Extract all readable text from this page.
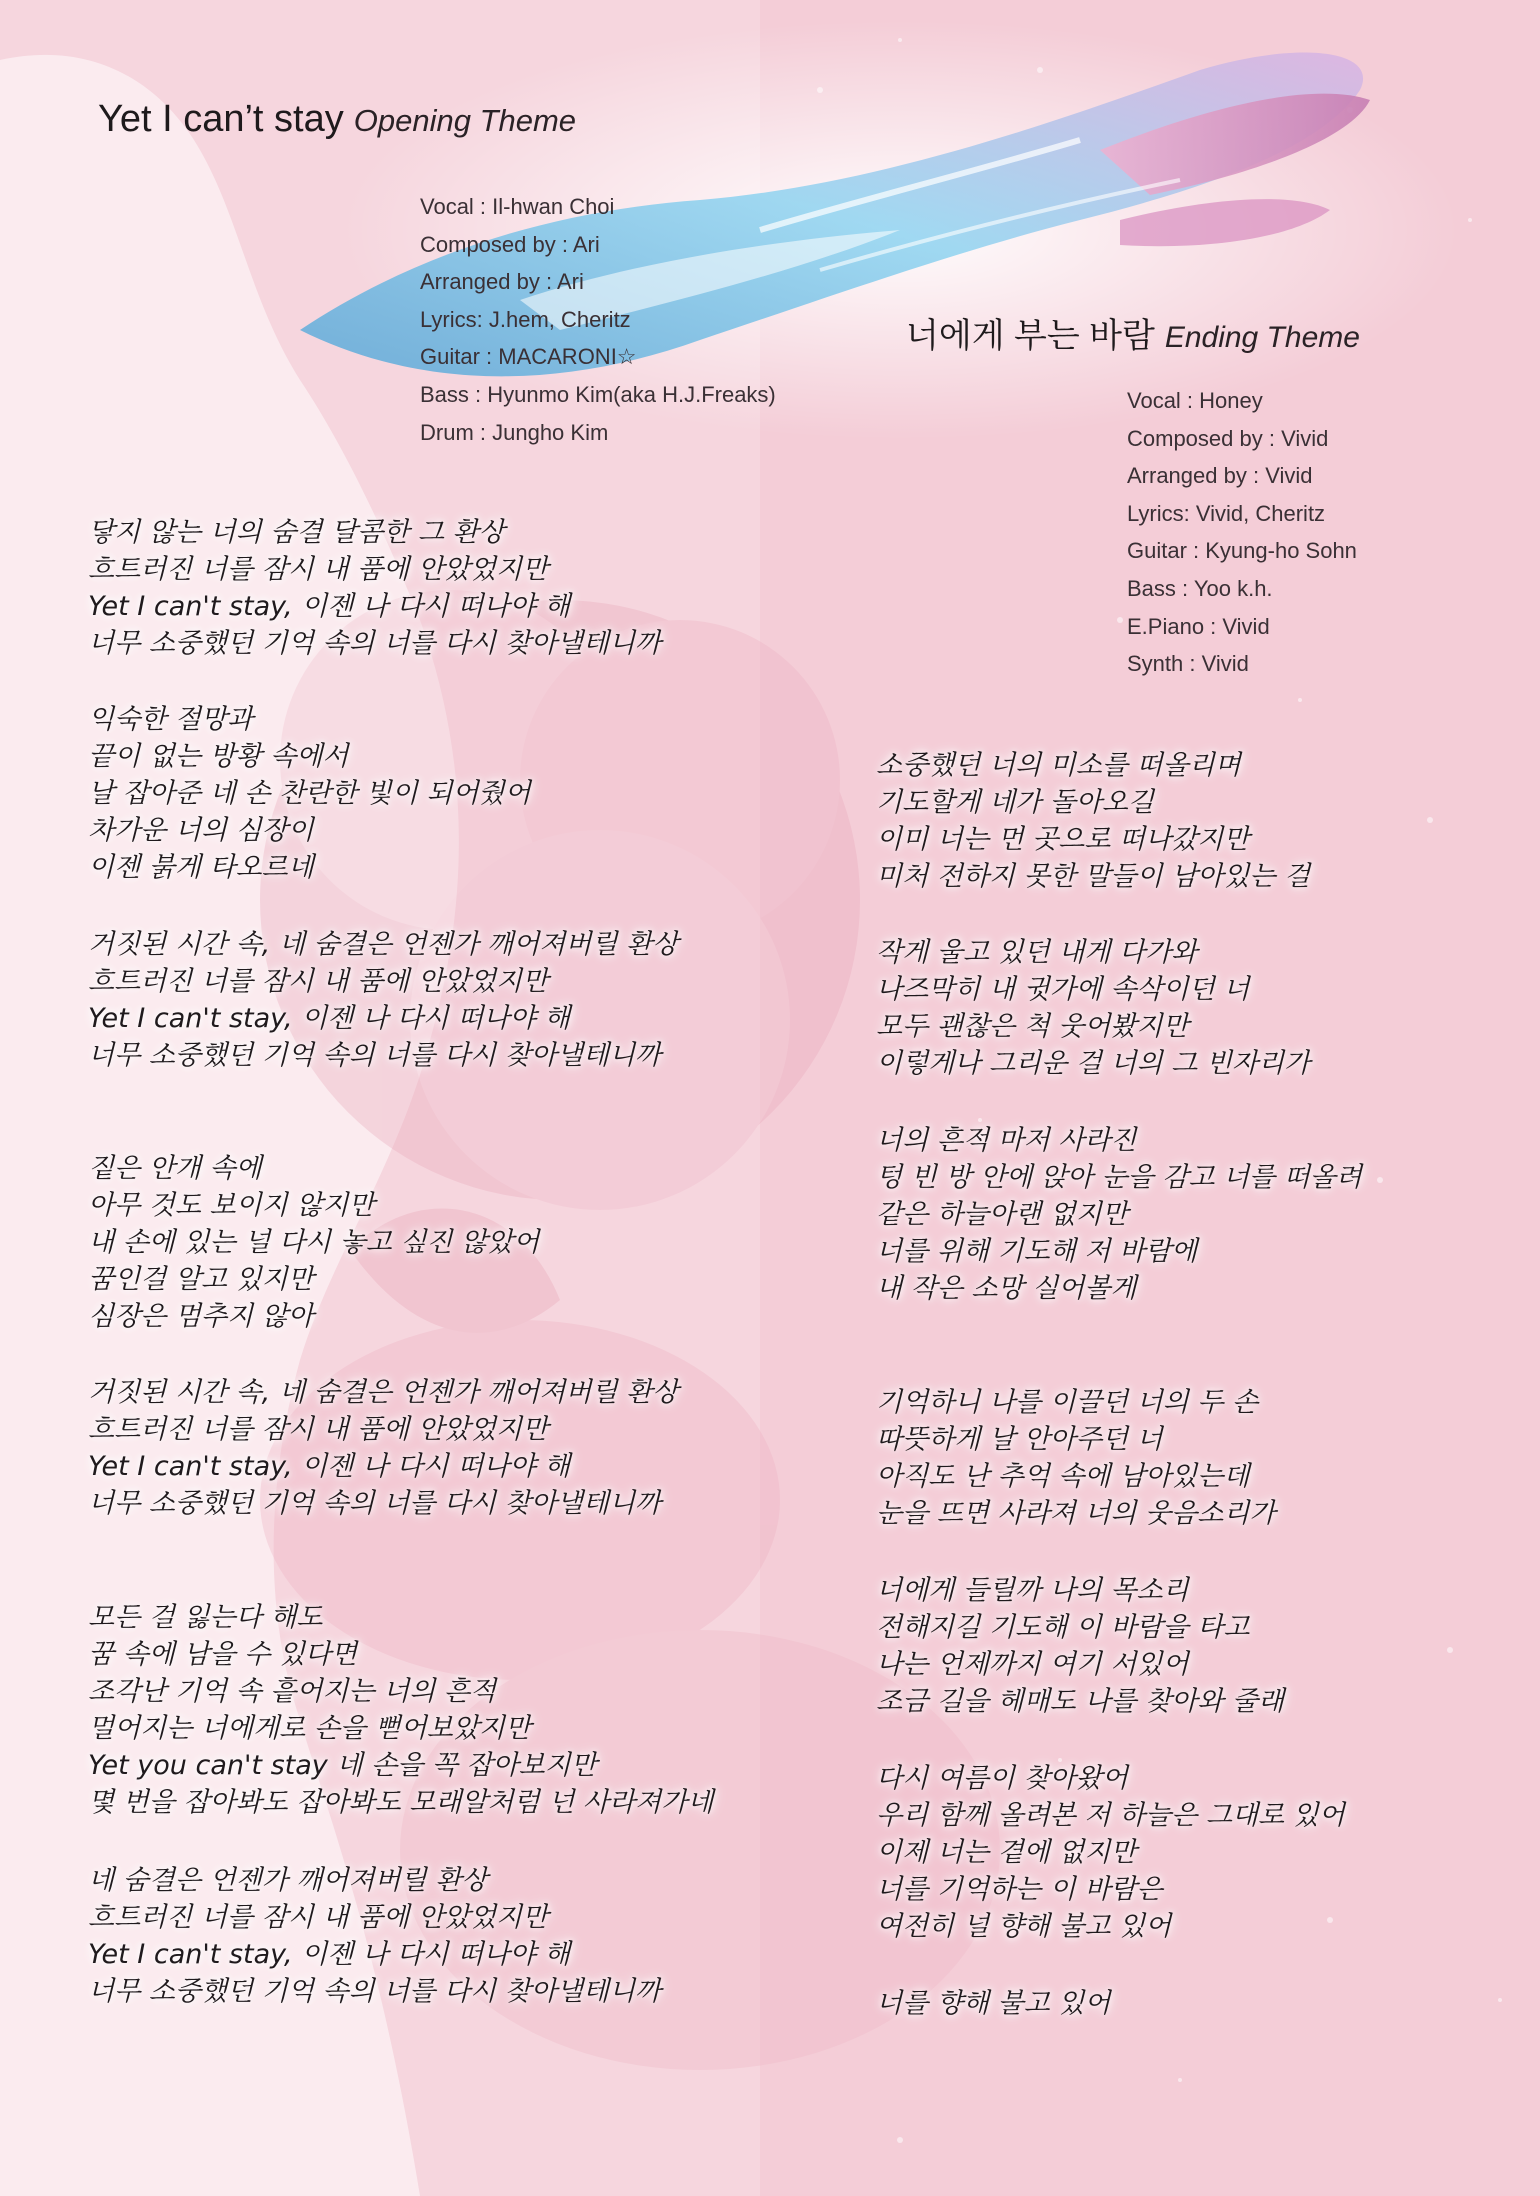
Yet I can’t stay Opening Theme
Vocal : Il-hwan Choi
Composed by : Ari
Arranged by : Ari
Lyrics: J.hem, Cheritz
Guitar : MACARONI☆
Bass : Hyunmo Kim(aka H.J.Freaks)
Drum : Jungho Kim
너에게 부는 바람 Ending Theme
Vocal : Honey
Composed by : Vivid
Arranged by : Vivid
Lyrics: Vivid, Cheritz
Guitar : Kyung-ho Sohn
Bass : Yoo k.h.
E.Piano : Vivid
Synth : Vivid
닿지 않는 너의 숨결 달콤한 그 환상
흐트러진 너를 잠시 내 품에 안았었지만
Yet I can't stay, 이젠 나 다시 떠나야 해
너무 소중했던 기억 속의 너를 다시 찾아낼테니까
익숙한 절망과
끝이 없는 방황 속에서
날 잡아준 네 손 찬란한 빛이 되어줬어
차가운 너의 심장이
이젠 붉게 타오르네
거짓된 시간 속, 네 숨결은 언젠가 깨어져버릴 환상
흐트러진 너를 잠시 내 품에 안았었지만
Yet I can't stay, 이젠 나 다시 떠나야 해
너무 소중했던 기억 속의 너를 다시 찾아낼테니까
짙은 안개 속에
아무 것도 보이지 않지만
내 손에 있는 널 다시 놓고 싶진 않았어
꿈인걸 알고 있지만
심장은 멈추지 않아
거짓된 시간 속, 네 숨결은 언젠가 깨어져버릴 환상
흐트러진 너를 잠시 내 품에 안았었지만
Yet I can't stay, 이젠 나 다시 떠나야 해
너무 소중했던 기억 속의 너를 다시 찾아낼테니까
모든 걸 잃는다 해도
꿈 속에 남을 수 있다면
조각난 기억 속 흩어지는 너의 흔적
멀어지는 너에게로 손을 뻗어보았지만
Yet you can't stay 네 손을 꼭 잡아보지만
몇 번을 잡아봐도 잡아봐도 모래알처럼 넌 사라져가네
네 숨결은 언젠가 깨어져버릴 환상
흐트러진 너를 잠시 내 품에 안았었지만
Yet I can't stay, 이젠 나 다시 떠나야 해
너무 소중했던 기억 속의 너를 다시 찾아낼테니까
소중했던 너의 미소를 떠올리며
기도할게 네가 돌아오길
이미 너는 먼 곳으로 떠나갔지만
미처 전하지 못한 말들이 남아있는 걸
작게 울고 있던 내게 다가와
나즈막히 내 귓가에 속삭이던 너
모두 괜찮은 척 웃어봤지만
이렇게나 그리운 걸 너의 그 빈자리가
너의 흔적 마저 사라진
텅 빈 방 안에 앉아 눈을 감고 너를 떠올려
같은 하늘아랜 없지만
너를 위해 기도해 저 바람에
내 작은 소망 실어볼게
기억하니 나를 이끌던 너의 두 손
따뜻하게 날 안아주던 너
아직도 난 추억 속에 남아있는데
눈을 뜨면 사라져 너의 웃음소리가
너에게 들릴까 나의 목소리
전해지길 기도해 이 바람을 타고
나는 언제까지 여기 서있어
조금 길을 헤매도 나를 찾아와 줄래
다시 여름이 찾아왔어
우리 함께 올려본 저 하늘은 그대로 있어
이제 너는 곁에 없지만
너를 기억하는 이 바람은
여전히 널 향해 불고 있어
너를 향해 불고 있어
